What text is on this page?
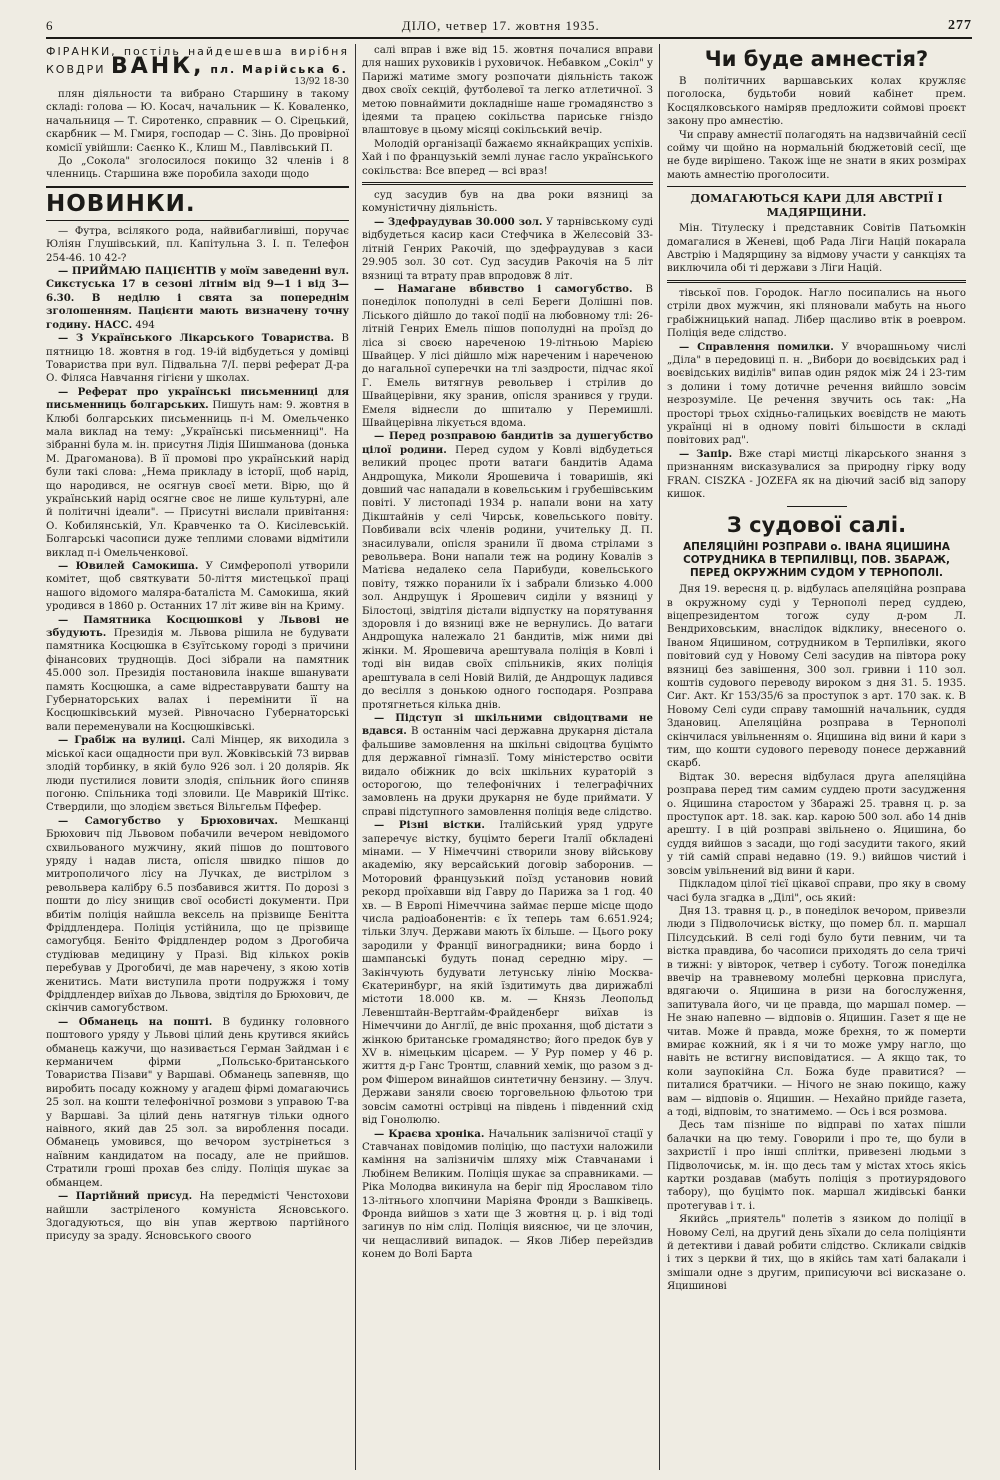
6	ДІЛО, четвер 17. жовтня 1935.	277
ФІРАНКИ, постіль найдешевша вирібня КОВДРИ ВАНК, пл. Марійська 6.
13/92 18-30

плян діяльности та вибрано Старшину в такому складі: голова — Ю. Косач, начальник — К. Коваленко, начальниця — Т. Сиротенко, справник — О. Сірецький, скарбник — М. Гмиря, господар — С. Зінь. До провірної комісії увійшли: Саєнко К., Клиш М., Павлівський П.

До „Сокола" зголосилося покищо 32 членів і 8 членниць. Старшина вже поробила заходи щодо

НОВИНКИ.

— Футра, всілякого рода, найвибагливіші, поручає Юліян Глушівський, пл. Капітульна 3. І. п. Телефон 254-46. 10 42-?

— ПРИЙМАЮ ПАЦІЄНТІВ у моїм заведенні вул. Сикстуська 17 в сезоні літнім від 9—1 і від 3—6.30. В неділю і свята за попереднім зголошенням. Пацієнти мають визначену точну годину. НАСС. 494

— З Українського Лікарського Товариства. В пятницю 18. жовтня в год. 19-ій відбудеться у домівці Товариства при вул. Підвальна 7/І. перві реферат Д-ра О. Філяса Навчання гігієни у школах.

— Реферат про українські письменниці для письменниць болгарських. Пишуть нам: 9. жовтня в Клюбі болгарських письменниць п-і М. Омельченко мала виклад на тему: „Українські письменниці". На зібранні була м. ін. присутня Лідія Шишманова (донька М. Драгоманова). В її промові про український нарід були такі слова: „Нема прикладу в історії, щоб нарід, що народився, не осягнув своєї мети. Вірю, що й український нарід осягне своє не лише культурні, але й політичні ідеали". — Присутні вислали привітання: О. Кобилянській, Ул. Кравченко та О. Кисілевській. Болгарські часописи дуже теплими словами відмітили виклад п-і Омельченкової.

— Ювилей Самокиша. У Симферополі утворили комітет, щоб святкувати 50-ліття мистецької праці нашого відомого маляра-баталіста М. Самокиша, який уродився в 1860 р. Останних 17 літ живе він на Криму.

— Памятника Косцюшкові у Львові не збудують. Президія м. Львова рішила не будувати памятника Косцюшка в Єзуїтському городі з причини фінансових труднощів. Досі зібрали на памятник 45.000 зол. Президія постановила інакше вшанувати память Косцюшка, а саме відреставрувати башту на Губернаторських валах і перемінити її на Косцюшківський музей. Рівночасно Губернаторські вали переменували на Косцюшківські.

— Грабіж на вулиці. Салі Мінцер, як виходила з міської каси ощадности при вул. Жовківській 73 вирвав злодій торбинку, в якій було 926 зол. і 20 долярів. Як люди пустилися ловити злодія, спільник його спиняв погоню. Спільника тоді зловили. Це Маврикій Штікс. Ствердили, що злодієм звється Вільгельм Пфефер.

— Самогубство у Брюховичах. Мешканці Брюхович під Львовом побачили вечером невідомого схвильованого мужчину, який пішов до поштового уряду і надав листа, опісля швидко пішов до митрополичого лісу на Лучках, де вистрілом з револьвера калібру 6.5 позбавився життя. По дорозі з пошти до лісу знищив свої особисті документи. При вбитім поліція найшла вексель на прізвище Бенітта Фріддлендера. Поліція устійнила, що це прізвище самогубця. Беніто Фріддлендер родом з Дрогобича студіював медицину у Празі. Від кількох років перебував у Дрогобичі, де мав наречену, з якою хотів женитись. Мати виступила проти подружжя і тому Фріддлендер виїхав до Львова, звідтіля до Брюхович, де скінчив самогубством.

— Обманець на пошті. В будинку головного поштового уряду у Львові цілий день крутився якийсь обманець кажучи, що називається Герман Зайдман і є керманичем фірми „Польсько-британського Товариства Пізави" у Варшаві. Обманець запевняв, що виробить посаду кожному у агадеш фірмі домагаючись 25 зол. на кошти телефонічної розмови з управою Т-ва у Варшаві. За цілий день натягнув тільки одного наівного, який дав 25 зол. за вироблення посади. Обманець умовився, що вечором зустрінеться з наївним кандидатом на посаду, але не прийшов. Стратили гроші прохав без сліду. Поліція шукає за обманцем.

— Партійний присуд. На передмісті Ченстохови найшли застріленого комуніста Ясновського. Здогадуються, що він упав жертвою партійного присуду за зраду. Ясновського своого

салі вправ і вже від 15. жовтня почалися вправи для наших руховиків і руховичок. Небавком „Сокіл" у Парижі матиме змогу розпочати діяльність також двох своїх секцій, футболевої та легко атлетичної. З метою повнаймити докладніше наше громадянство з ідеями та працею сокільства париське гніздо влаштовує в цьому місяці сокільський вечір.

Молодій організації бажаємо якнайкращих успіхів. Хай і по французькій землі лунає гасло українського сокільства: Все вперед — всі враз!

суд засудив був на два роки вязниці за комуністичну діяльність.

— Здефраудував 30.000 зол. У тарнівському суді відбудеться касир каси Стефчика в Желєсовій 33-літній Генрих Ракочій, що здефраудував з каси 29.905 зол. 30 сот. Суд засудив Ракочія на 5 літ вязниці та втрату прав впродовж 8 літ.

— Намагане вбивство і самогубство. В понеділок пополудні в селі Береги Долішні пов. Ліського дійшло до такої події на любовному тлі: 26-літній Генрих Емель пішов пополудні на проїзд до ліса зі своєю нареченою 19-літньою Марією Швайцер. У лісі дійшло між нареченим і нареченою до нагальної суперечки на тлі заздрости, підчас якої Г. Емель витягнув револьвер і стрілив до Швайцерівни, яку зранив, опісля зранився у груди. Емеля віднесли до шпиталю у Перемишлі. Швайцерівна лікується вдома.

— Перед розправою бандитів за душегубство цілої родини. Перед судом у Ковлі відбудеться великий процес проти ватаги бандитів Адама Андрощука, Миколи Ярошевича і товаришів, які довший час нападали в ковельським і грубешівським повіті. У листопаді 1934 р. напали вони на хату Дікштайнів у селі Чирськ, ковельського повіту. Повбивали всіх членів родини, учительку Д. П. знасилували, опісля зранили її двома стрілами з револьвера. Вони напали теж на родину Ковалів з Матієва недалеко села Парибуди, ковельського повіту, тяжко поранили їх і забрали близько 4.000 зол. Андрущук і Ярошевич сиділи у вязниці у Білостоці, звідтіля дістали відпустку на порятування здоровля і до вязниці вже не вернулись. До ватаги Андрощука належало 21 бандитів, між ними дві жінки. М. Ярошевича арештувала поліція в Ковлі і тоді він видав своїх спільників, яких поліція арештувала в селі Новій Вилій, де Андрощук ладився до весілля з донькою одного господаря. Розправа протягнеться кілька днів.

— Підступ зі шкільними свідоцтвами не вдався. В останнім часі державна друкарня дістала фальшиве замовлення на шкільні свідоцтва буцімто для державної гімназії. Тому міністерство освіти видало обіжник до всіх шкільних кураторій з осторогою, що телефонічних і телеграфічних замовлень на друки друкарня не буде приймати. У справі підступного замовлення поліція веде слідство.

— Різні вістки. Італійський уряд удруге заперечує вістку, буцімто береги Італії обкладені мінами. — У Німеччині створили знову військову академію, яку версайський договір заборонив. — Моторовий французький поїзд установив новий рекорд проїхавши від Гавру до Парижа за 1 год. 40 хв. — В Европі Німеччина займає перше місце щодо числа радіоабонентів: є їх теперь там 6.651.924; тільки Злуч. Держави мають їх більше. — Цього року зародили у Франції виноградники; вина бордо і шампанські будуть понад середню міру. — Закінчують будувати летунську лінію Москва-Єкатеринбург, на якій їздитимуть два дирижаблі містоти 18.000 кв. м. — Князь Леопольд Левенштайн-Вертгайм-Фрайденберг виїхав із Німеччини до Англії, де вніс прохання, щоб дістати з жінкою британське громадянство; його предок був у XV в. німецьким цісарем. — У Рур помер у 46 р. життя д-р Ганс Тронтш, славний хемік, що разом з д-ром Фішером винайшов синтетичну бензину. — Злуч. Держави заняли своєю торговельною фльотою три зовсім самотні острівці на південь і південний схід від Гонолюлю.

— Краєва хроніка. Начальник залізничої стації у Ставчанах повідомив поліцію, що пастухи наложили каміння на залізничім шляху між Ставчанами і Любінем Великим. Поліція шукає за справниками. — Ріка Молодва викинула на беріг під Ярославом тіло 13-літнього хлопчини Маріяна Фронди з Вашківець. Фронда вийшов з хати ще 3 жовтня ц. р. і від тоді загинув по нім слід. Поліція вияснює, чи це злочин, чи нещасливий випадок. — Яков Лібер перейздив конем до Волі Барта

Чи буде амнестія?

В політичних варшавських колах кружляє поголоска, будьтоби новий кабінет прем. Косцялковського наміряв предложити соймові проєкт закону про амнестію.

Чи справу амнестії полагодять на надзвичайній сесії сойму чи щойно на нормальній бюджетовій сесії, ще не буде вирішено. Також іще не знати в яких розмірах мають амнестію проголосити.

ДОМАГАЮТЬСЯ КАРИ ДЛЯ АВСТРІЇ І МАДЯРЩИНИ.

Мін. Тітулеску і представник Совітів Патьомкін домагалися в Женеві, щоб Рада Ліги Націй покарала Австрію і Мадярщину за відмову участи у санкціях та виключила обі ті держави з Ліги Націй.

тівської пов. Городок. Нагло посипались на нього стріли двох мужчин, які пляновали мабуть на нього грабіжницький напад. Лібер щасливо втік в роевром. Поліція веде слідство.

— Справлення помилки. У вчорашньому числі „Діла" в передовиці п. н. „Вибори до воєвідських рад і воєвідських виділів" випав один рядок між 24 і 23-тим з долини і тому дотичне речення вийшло зовсім незрозуміле. Це речення звучить ось так: „На просторі трьох східньо-галицьких воєвідств не мають українці ні в одному повіті більшости в складі повітових рад".

— Запір. Вже старі мистці лікарського знання з признанням висказувалися за природну гірку воду FRAN. CISZKA - JOZEFA як на діючий засіб від запору кишок.

З судової салі.
АПЕЛЯЦІЙНІ РОЗПРАВИ о. ІВАНА ЯЦИШИНА СОТРУДНИКА В ТЕРПИЛІВЦІ, ПОВ. ЗБАРАЖ, ПЕРЕД ОКРУЖНИМ СУДОМ У ТЕРНОПОЛІ.

Дня 19. вересня ц. р. відбулась апеляційна розправа в окружному суді у Тернополі перед суддею, віцепрезидентом тогож суду д-ром Л. Вендриховським, внаслідок відклику, внесеного о. Іваном Яцишином, сотрудником в Терпилівки, якого повітовий суд у Новому Селі засудив на півтора року вязниці без завішення, 300 зол. гривни і 110 зол. коштів судового переводу вироком з дня 31. 5. 1935. Сиг. Акт. Кг 153/35/6 за проступок з арт. 170 зак. к. В Новому Селі суди справу тамошній начальник, суддя Здановиц. Апеляційна розправа в Тернополі скінчилася увільненням о. Яцишина від вини й кари з тим, що кошти судового переводу понесе державний скарб.

Відтак 30. вересня відбулася друга апеляційна розправа перед тим самим суддею проти засудження о. Яцишина старостом у Збаражі 25. травня ц. р. за проступок арт. 18. зак. кар. карою 500 зол. або 14 днів арешту. І в цій розправі звільнено о. Яцишина, бо суддя вийшов з засади, що годі засудити такого, який у тій самій справі недавно (19. 9.) вийшов чистий і зовсім увільнений від вини й кари.

Підкладом цілої тієї цікавої справи, про яку в свому часі була згадка в „Ділі", ось який:

Дня 13. травня ц. р., в понеділок вечором, привезли люди з Підволочиськ вістку, що помер бл. п. маршал Пілсудський. В селі годі було бути певним, чи та вістка правдива, бо часописи приходять до села тричі в тижні: у вівторок, четвер і суботу. Тогож понеділка ввечір на травневому молебні церковна прислуга, вдягаючи о. Яцишина в ризи на богослуження, запитувала його, чи це правда, що маршал помер. — Не знаю напевно — відповів о. Яцишин. Газет я ще не читав. Може й правда, може брехня, то ж померти вмирає кожний, як і я чи то може умру нагло, що навіть не встигну висповідатися. — А якщо так, то коли заупокійна Сл. Божа буде правитися? — питалися братчики. — Нічого не знаю покищо, кажу вам — відповів о. Яцишин. — Нехайно прийде газета, а тоді, відповім, то знатимемо. — Ось і вся розмова.

Десь там пізніше по відправі по хатах пішли балачки на цю тему. Говорили і про те, що були в захристії і про інші сплітки, привезені людьми з Підволочиськ, м. ін. що десь там у містах хтось якісь картки роздавав (мабуть поліція з протиурядового табору), що буцімто пок. маршал жидівські банки протегував і т. і.

Якийсь „приятель" полетів з язиком до поліції в Новому Селі, на другий день зїхали до села поліціянти й детективи і давай робити слідство. Скликали свідків і тих з церкви й тих, що в якійсь там хаті балакали і змішали одне з другим, приписуючи всі висказане о. Яцишинові
